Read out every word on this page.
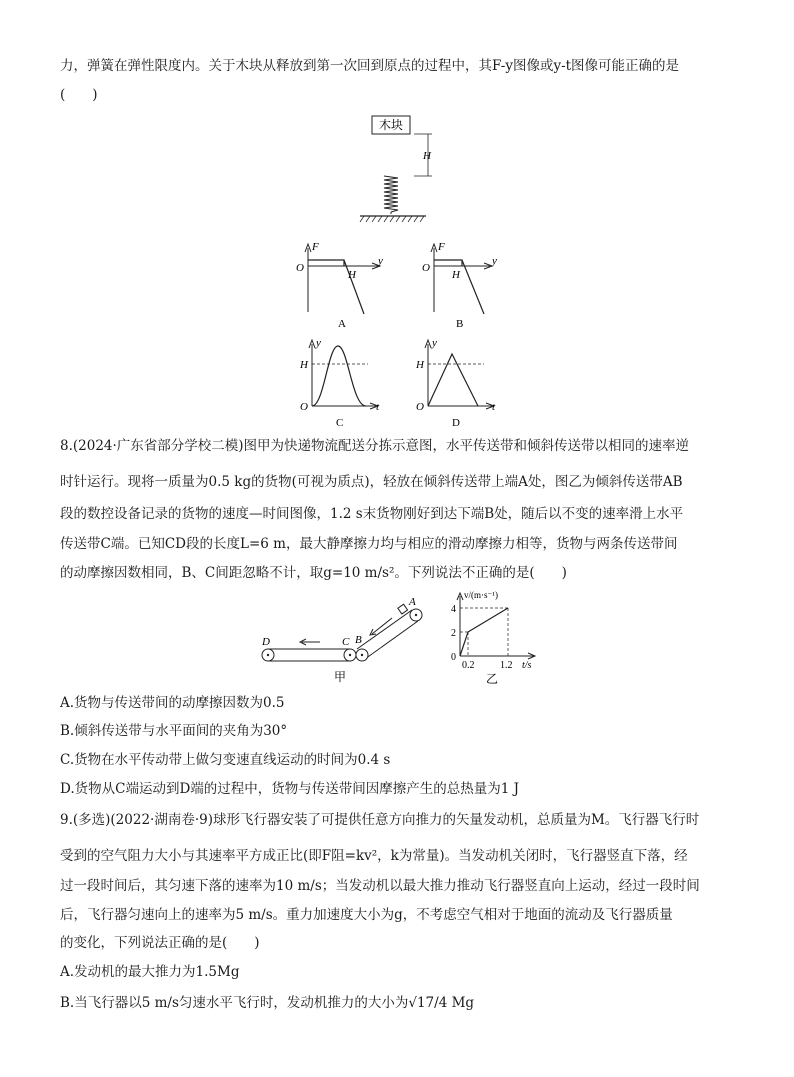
力，弹簧在弹性限度内。关于木块从释放到第一次回到原点的过程中，其F-y图像或y-t图像可能正确的是
(　　)
木块
H
F
O
y
H
A
F
O
y
H
B
y
H
O	t
C
y
H
O	t
D
8.(2024·广东省部分学校二模)图甲为快递物流配送分拣示意图，水平传送带和倾斜传送带以相同的速率逆
时针运行。现将一质量为0.5 kg的货物(可视为质点)，轻放在倾斜传送带上端A处，图乙为倾斜传送带AB
段的数控设备记录的货物的速度—时间图像，1.2 s末货物刚好到达下端B处，随后以不变的速率滑上水平
传送带C端。已知CD段的长度L=6 m，最大静摩擦力均与相应的滑动摩擦力相等，货物与两条传送带间
的动摩擦因数相同，B、C间距忽略不计，取g=10 m/s²。下列说法不正确的是(　　)
D	C B
A
甲
v/(m·s⁻¹)
4
2
0
0.2	1.2 t/s
乙
A.货物与传送带间的动摩擦因数为0.5
B.倾斜传送带与水平面间的夹角为30°
C.货物在水平传动带上做匀变速直线运动的时间为0.4 s
D.货物从C端运动到D端的过程中，货物与传送带间因摩擦产生的总热量为1 J
9.(多选)(2022·湖南卷·9)球形飞行器安装了可提供任意方向推力的矢量发动机，总质量为M。飞行器飞行时
受到的空气阻力大小与其速率平方成正比(即F阻=kv²，k为常量)。当发动机关闭时，飞行器竖直下落，经
过一段时间后，其匀速下落的速率为10 m/s；当发动机以最大推力推动飞行器竖直向上运动，经过一段时间
后，飞行器匀速向上的速率为5 m/s。重力加速度大小为g，不考虑空气相对于地面的流动及飞行器质量
的变化，下列说法正确的是(　　)
A.发动机的最大推力为1.5Mg
B.当飞行器以5 m/s匀速水平飞行时，发动机推力的大小为√17/4 Mg
